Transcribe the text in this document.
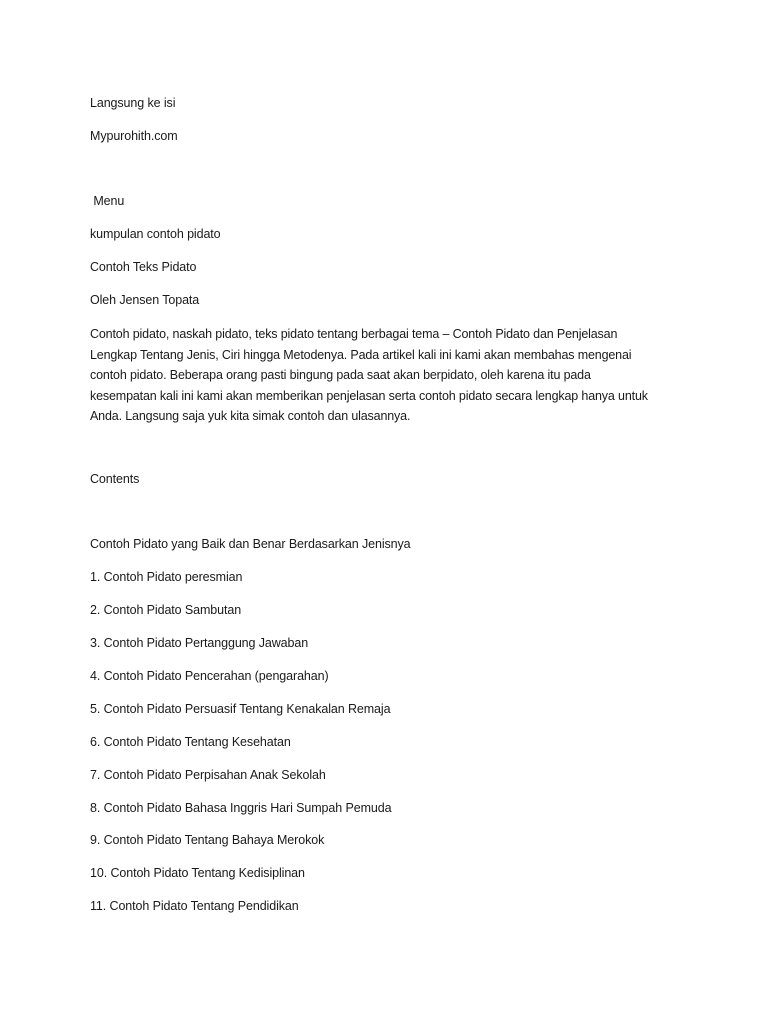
Langsung ke isi
Mypurohith.com
Menu
kumpulan contoh pidato
Contoh Teks Pidato
Oleh Jensen Topata
Contoh pidato, naskah pidato, teks pidato tentang berbagai tema – Contoh Pidato dan Penjelasan
Lengkap Tentang Jenis, Ciri hingga Metodenya. Pada artikel kali ini kami akan membahas mengenai
contoh pidato. Beberapa orang pasti bingung pada saat akan berpidato, oleh karena itu pada
kesempatan kali ini kami akan memberikan penjelasan serta contoh pidato secara lengkap hanya untuk
Anda. Langsung saja yuk kita simak contoh dan ulasannya.
Contents
Contoh Pidato yang Baik dan Benar Berdasarkan Jenisnya
1. Contoh Pidato peresmian
2. Contoh Pidato Sambutan
3. Contoh Pidato Pertanggung Jawaban
4. Contoh Pidato Pencerahan (pengarahan)
5. Contoh Pidato Persuasif Tentang Kenakalan Remaja
6. Contoh Pidato Tentang Kesehatan
7. Contoh Pidato Perpisahan Anak Sekolah
8. Contoh Pidato Bahasa Inggris Hari Sumpah Pemuda
9. Contoh Pidato Tentang Bahaya Merokok
10. Contoh Pidato Tentang Kedisiplinan
11. Contoh Pidato Tentang Pendidikan
